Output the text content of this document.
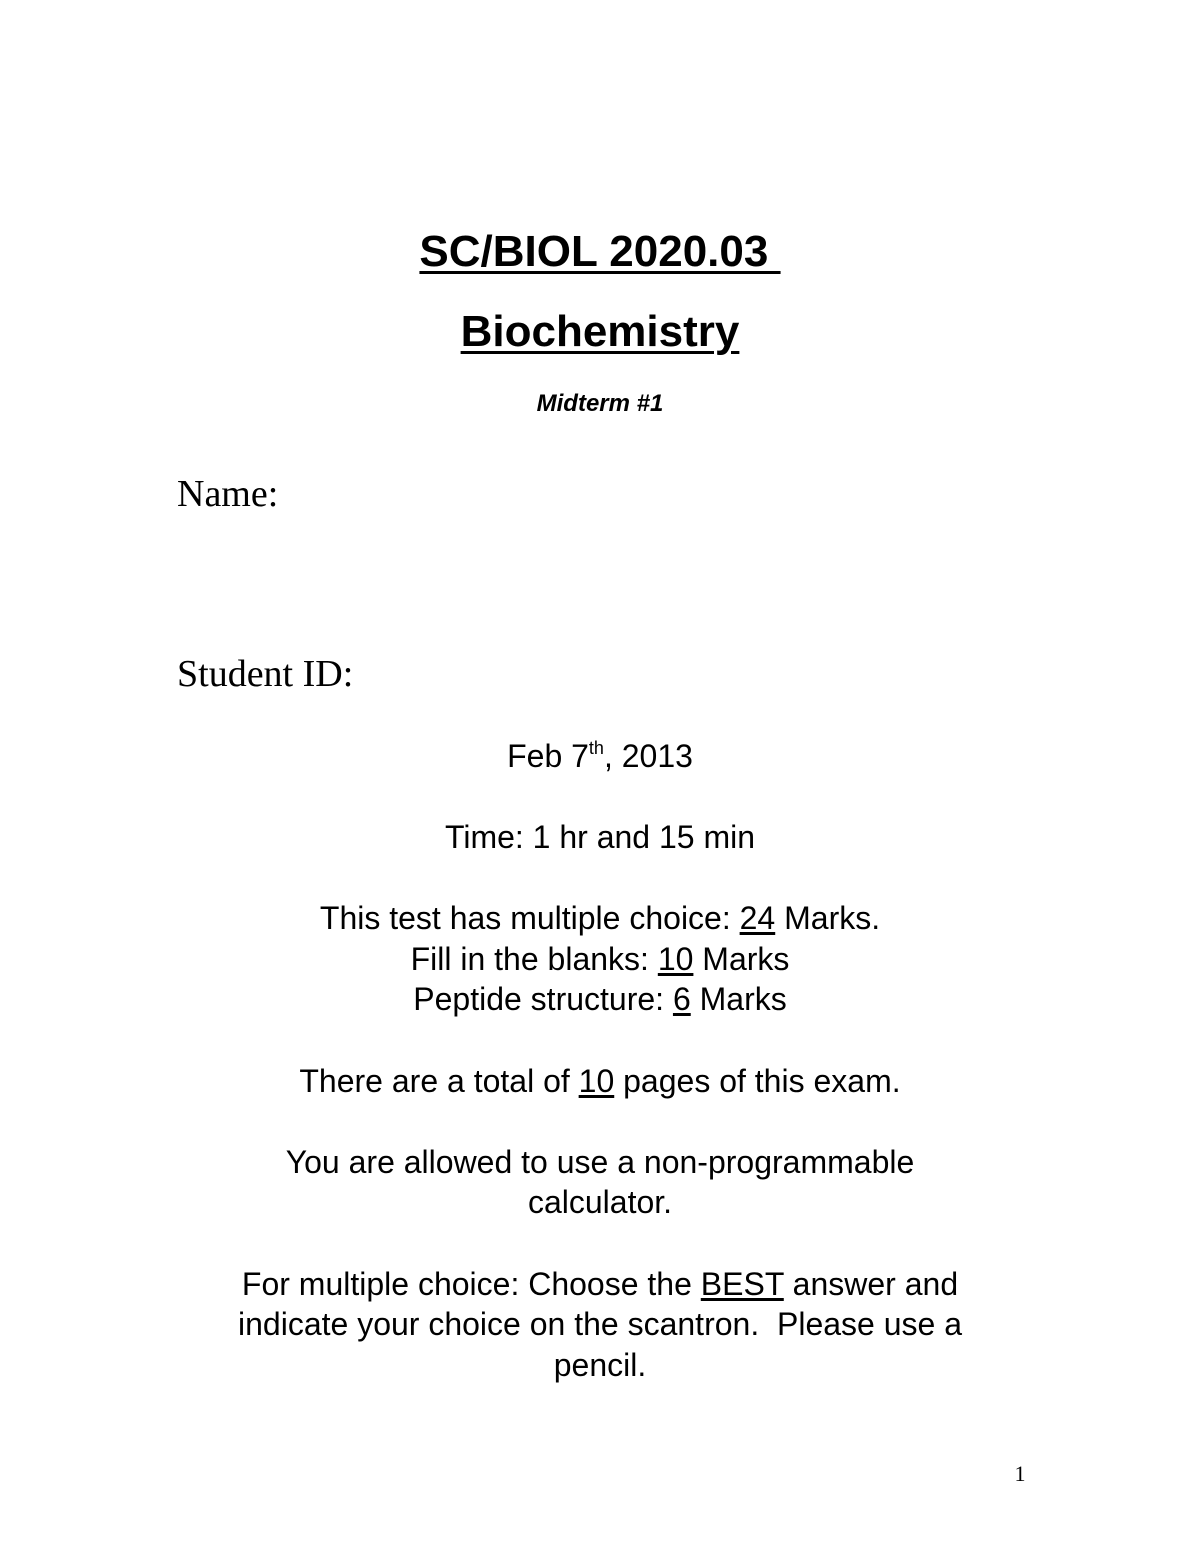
SC/BIOL 2020.03
Biochemistry
Midterm #1
Name:
Student ID:
Feb 7th, 2013
Time: 1 hr and 15 min
This test has multiple choice: 24 Marks.
Fill in the blanks: 10 Marks
Peptide structure: 6 Marks
There are a total of 10 pages of this exam.
You are allowed to use a non-programmable
calculator.
For multiple choice: Choose the BEST answer and
indicate your choice on the scantron.  Please use a
pencil.
1
